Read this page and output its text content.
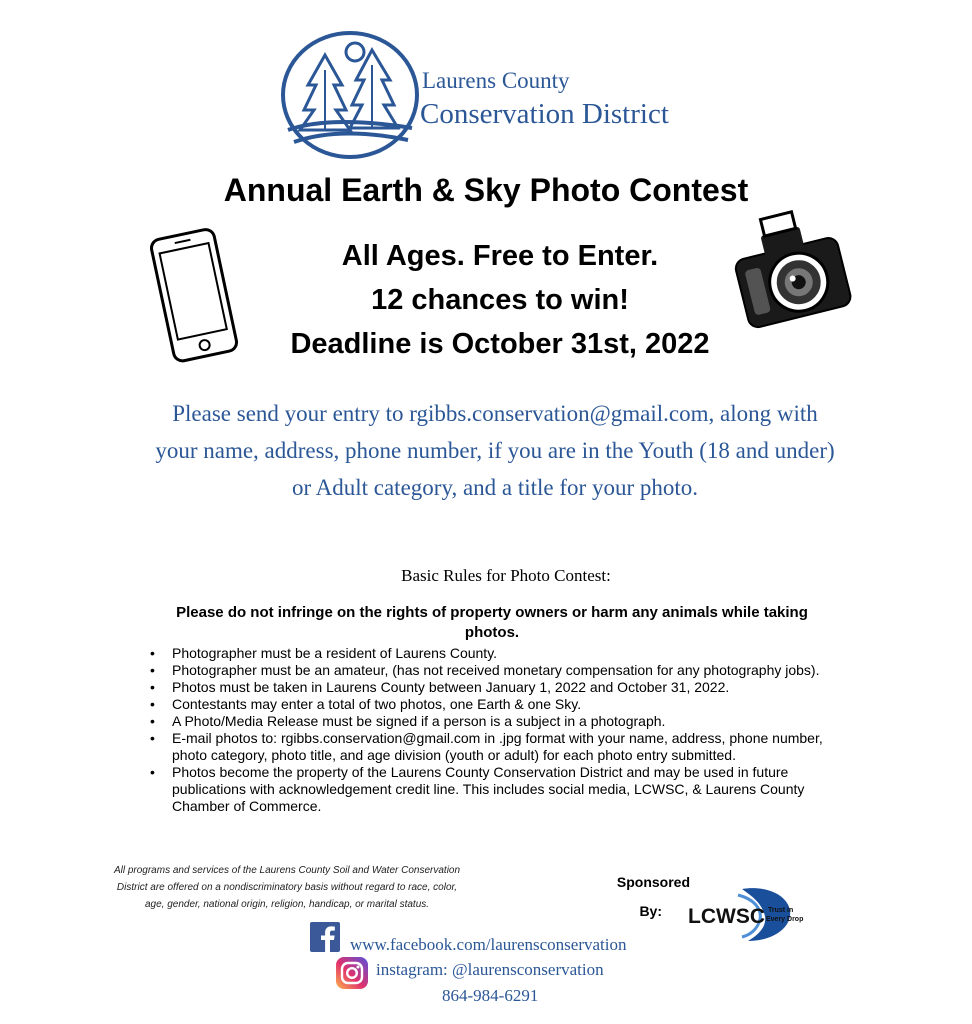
Laurens County
Conservation District
Annual Earth & Sky Photo Contest
All Ages. Free to Enter.
12 chances to win!
Deadline is October 31st, 2022
Please send your entry to rgibbs.conservation@gmail.com, along with your name, address, phone number, if you are in the Youth (18 and under) or Adult category, and a title for your photo.
Basic Rules for Photo Contest:
Please do not infringe on the rights of property owners or harm any animals while taking photos.
• Photographer must be a resident of Laurens County.
• Photographer must be an amateur, (has not received monetary compensation for any photography jobs).
• Photos must be taken in Laurens County between January 1, 2022 and October 31, 2022.
• Contestants may enter a total of two photos, one Earth & one Sky.
• A Photo/Media Release must be signed if a person is a subject in a photograph.
• E-mail photos to: rgibbs.conservation@gmail.com in .jpg format with your name, address, phone number, photo category, photo title, and age division (youth or adult) for each photo entry submitted.
• Photos become the property of the Laurens County Conservation District and may be used in future publications with acknowledgement credit line. This includes social media, LCWSC, & Laurens County Chamber of Commerce.
All programs and services of the Laurens County Soil and Water Conservation District are offered on a nondiscriminatory basis without regard to race, color, age, gender, national origin, religion, handicap, or marital status.
Sponsored
By:	LCWSC Trust in
Every Drop
www.facebook.com/laurensconservation
instagram: @laurensconservation
864-984-6291
